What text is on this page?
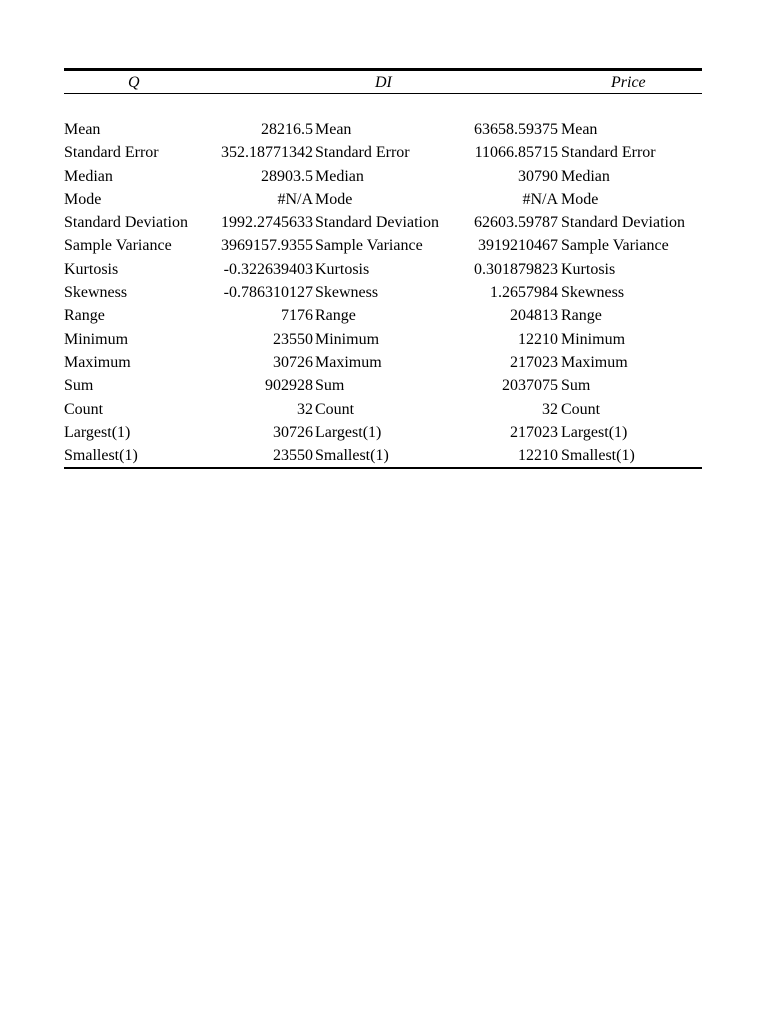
Q	DI	Price
Mean	28216.5 Mean	63658.59375 Mean
Standard Error	352.18771342 Standard Error	11066.85715 Standard Error
Median	28903.5 Median	30790 Median
Mode	#N/A Mode	#N/A Mode
Standard Deviation 1992.2745633 Standard Deviation 62603.59787 Standard Deviation
Sample Variance	3969157.9355 Sample Variance	3919210467 Sample Variance
Kurtosis	-0.322639403 Kurtosis	0.301879823 Kurtosis
Skewness	-0.786310127 Skewness	1.2657984 Skewness
Range	7176 Range	204813 Range
Minimum	23550 Minimum	12210 Minimum
Maximum	30726 Maximum	217023 Maximum
Sum	902928 Sum	2037075 Sum
Count	32 Count	32 Count
Largest(1)	30726 Largest(1)	217023 Largest(1)
Smallest(1)	23550 Smallest(1)	12210 Smallest(1)
